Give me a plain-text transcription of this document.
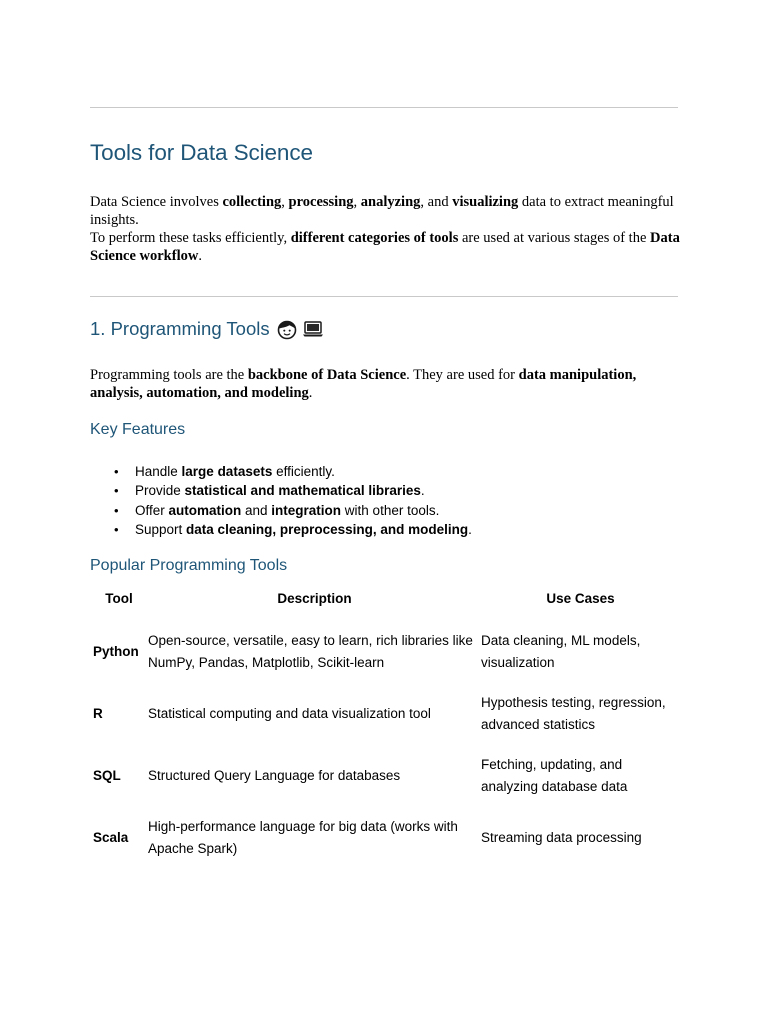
Tools for Data Science

Data Science involves collecting, processing, analyzing, and visualizing data to extract meaningful insights.
To perform these tasks efficiently, different categories of tools are used at various stages of the Data Science workflow.

1. Programming Tools

Programming tools are the backbone of Data Science. They are used for data manipulation, analysis, automation, and modeling.

Key Features
• Handle large datasets efficiently.
• Provide statistical and mathematical libraries.
• Offer automation and integration with other tools.
• Support data cleaning, preprocessing, and modeling.
Popular Programming Tools
Tool	Description	Use Cases
Python	Open-source, versatile, easy to learn, rich libraries like NumPy, Pandas, Matplotlib, Scikit-learn	Data cleaning, ML models, visualization
R	Statistical computing and data visualization tool	Hypothesis testing, regression, advanced statistics
SQL	Structured Query Language for databases	Fetching, updating, and analyzing database data
Scala	High-performance language for big data (works with Apache Spark)	Streaming data processing
